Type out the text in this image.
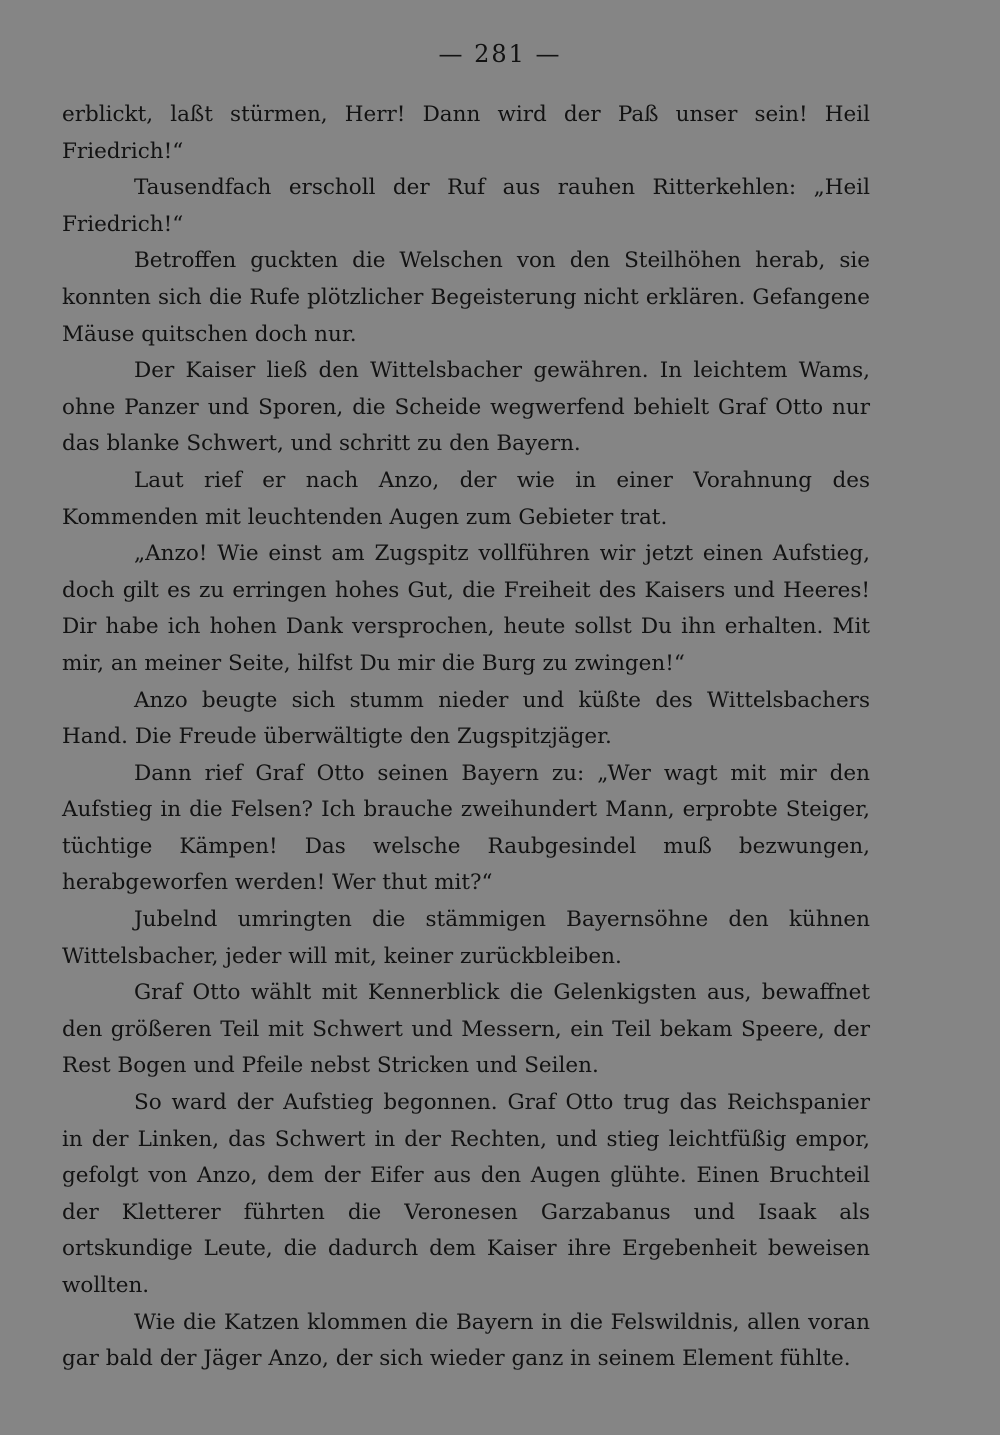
— 281 —

erblickt, laßt stürmen, Herr! Dann wird der Paß unser sein! Heil Friedrich!“

Tausendfach erscholl der Ruf aus rauhen Ritterkehlen: „Heil Friedrich!“

Betroffen guckten die Welschen von den Steilhöhen herab, sie konnten sich die Rufe plötzlicher Begeisterung nicht erklären. Gefangene Mäuse quitschen doch nur.

Der Kaiser ließ den Wittelsbacher gewähren. In leichtem Wams, ohne Panzer und Sporen, die Scheide wegwerfend behielt Graf Otto nur das blanke Schwert, und schritt zu den Bayern.

Laut rief er nach Anzo, der wie in einer Vorahnung des Kommenden mit leuchtenden Augen zum Gebieter trat.

„Anzo! Wie einst am Zugspitz vollführen wir jetzt einen Aufstieg, doch gilt es zu erringen hohes Gut, die Freiheit des Kaisers und Heeres! Dir habe ich hohen Dank versprochen, heute sollst Du ihn erhalten. Mit mir, an meiner Seite, hilfst Du mir die Burg zu zwingen!“

Anzo beugte sich stumm nieder und küßte des Wittelsbachers Hand. Die Freude überwältigte den Zugspitzjäger.

Dann rief Graf Otto seinen Bayern zu: „Wer wagt mit mir den Aufstieg in die Felsen? Ich brauche zweihundert Mann, erprobte Steiger, tüchtige Kämpen! Das welsche Raubgesindel muß bezwungen, herabgeworfen werden! Wer thut mit?“

Jubelnd umringten die stämmigen Bayernsöhne den kühnen Wittelsbacher, jeder will mit, keiner zurückbleiben.

Graf Otto wählt mit Kennerblick die Gelenkigsten aus, bewaffnet den größeren Teil mit Schwert und Messern, ein Teil bekam Speere, der Rest Bogen und Pfeile nebst Stricken und Seilen.

So ward der Aufstieg begonnen. Graf Otto trug das Reichspanier in der Linken, das Schwert in der Rechten, und stieg leichtfüßig empor, gefolgt von Anzo, dem der Eifer aus den Augen glühte. Einen Bruchteil der Kletterer führten die Veronesen Garzabanus und Isaak als ortskundige Leute, die dadurch dem Kaiser ihre Ergebenheit beweisen wollten.

Wie die Katzen klommen die Bayern in die Felswildnis, allen voran gar bald der Jäger Anzo, der sich wieder ganz in seinem Element fühlte.
